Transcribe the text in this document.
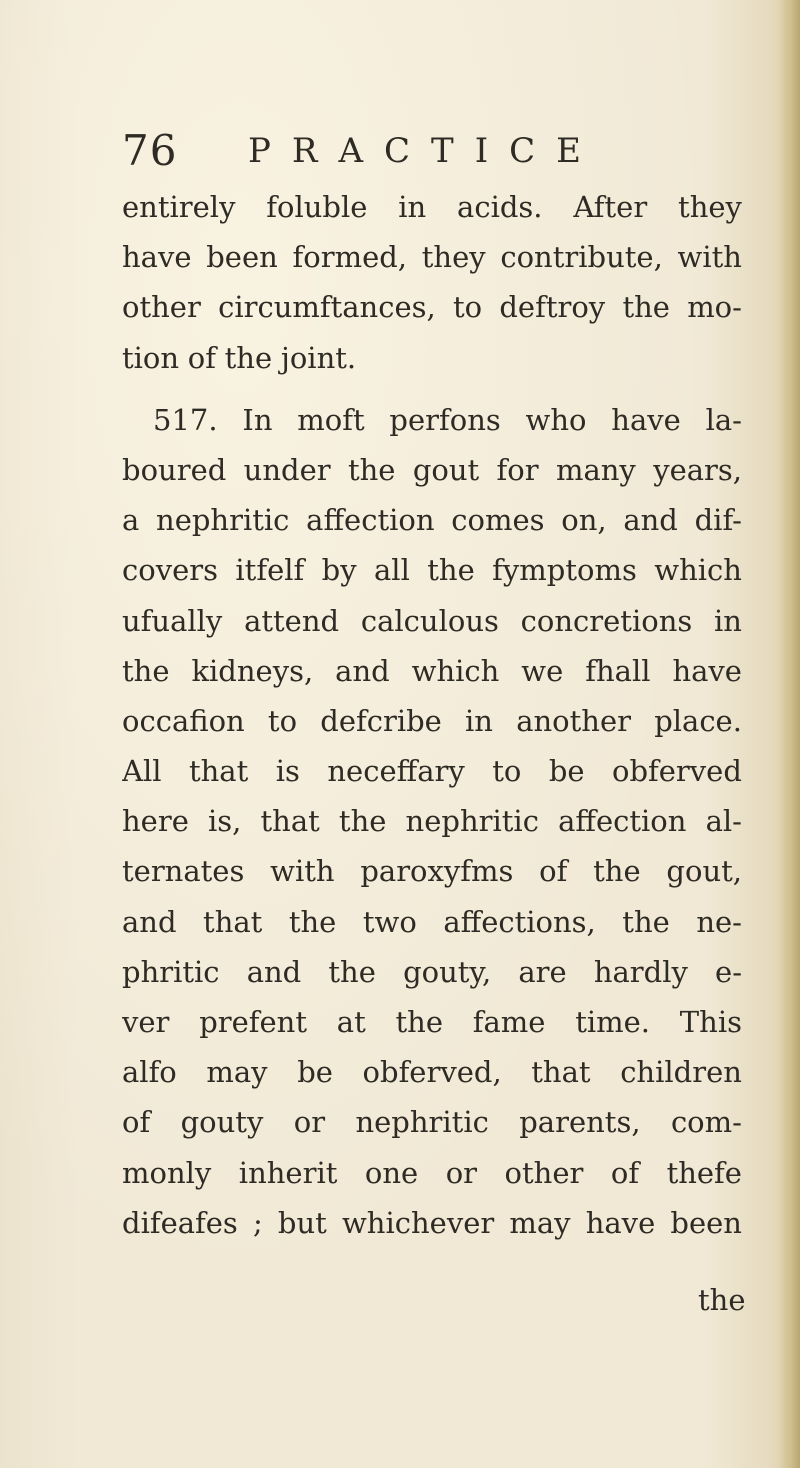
76 PRACTICE
entirely foluble in acids. After they
have been formed, they contribute, with
other circumftances, to deftroy the mo-
tion of the joint.
517. In moft perfons who have la-
boured under the gout for many years,
a nephritic affection comes on, and dif-
covers itfelf by all the fymptoms which
ufually attend calculous concretions in
the kidneys, and which we fhall have
occafion to defcribe in another place.
All that is neceffary to be obferved
here is, that the nephritic affection al-
ternates with paroxyfms of the gout,
and that the two affections, the ne-
phritic and the gouty, are hardly e-
ver prefent at the fame time. This
alfo may be obferved, that children
of gouty or nephritic parents, com-
monly inherit one or other of thefe
difeafes ; but whichever may have been
the
